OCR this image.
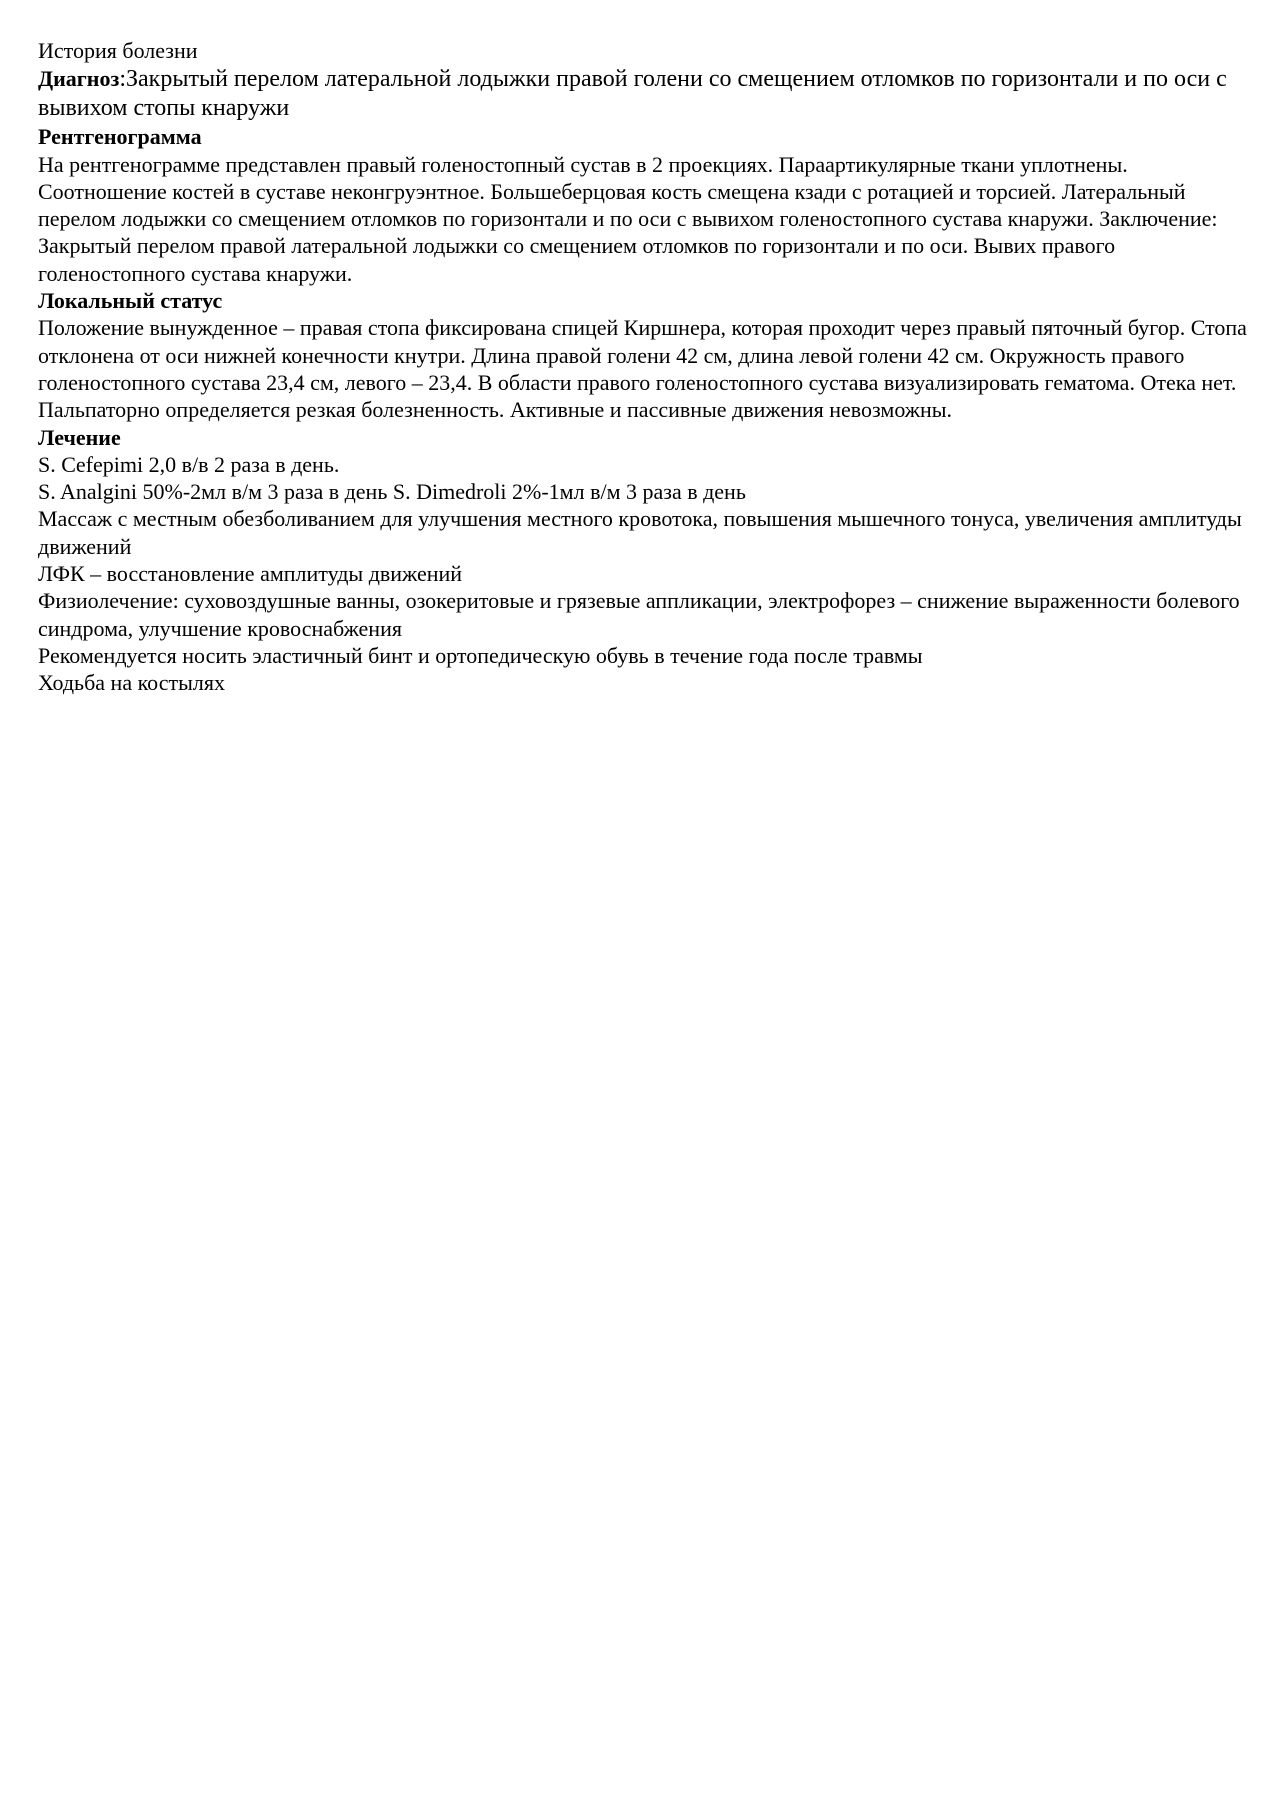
История болезни

Диагноз:Закрытый перелом латеральной лодыжки правой голени со смещением отломков по горизонтали и по оси с вывихом стопы кнаружи

Рентгенограмма

На рентгенограмме представлен правый голеностопный сустав в 2 проекциях. Параартикулярные ткани уплотнены. Соотношение костей в суставе неконгруэнтное. Большеберцовая кость смещена кзади с ротацией и торсией. Латеральный перелом лодыжки со смещением отломков по горизонтали и по оси с вывихом голеностопного сустава кнаружи. Заключение: Закрытый перелом правой латеральной лодыжки со смещением отломков по горизонтали и по оси. Вывих правого голеностопного сустава кнаружи.

Локальный статус

Положение вынужденное – правая стопа фиксирована спицей Киршнера, которая проходит через правый пяточный бугор. Стопа отклонена от оси нижней конечности кнутри. Длина правой голени 42 см, длина левой голени 42 см. Окружность правого голеностопного сустава 23,4 см, левого – 23,4. В области правого голеностопного сустава визуализировать гематома. Отека нет. Пальпаторно определяется резкая болезненность. Активные и пассивные движения невозможны.

Лечение

S. Cefepimi 2,0 в/в 2 раза в день.

S. Analgini 50%-2мл в/м 3 раза в день S. Dimedroli 2%-1мл в/м 3 раза в день

Массаж с местным обезболиванием для улучшения местного кровотока, повышения мышечного тонуса, увеличения амплитуды движений

ЛФК – восстановление амплитуды движений

Физиолечение: суховоздушные ванны, озокеритовые и грязевые аппликации, электрофорез – снижение выраженности болевого синдрома, улучшение кровоснабжения

Рекомендуется носить эластичный бинт и ортопедическую обувь в течение года после травмы

Ходьба на костылях
